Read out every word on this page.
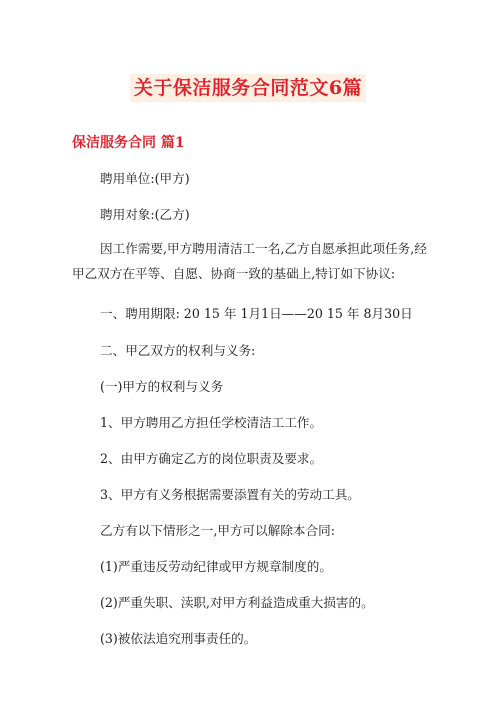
关于保洁服务合同范文6篇
保洁服务合同 篇1
聘用单位:(甲方)
聘用对象:(乙方)
因工作需要,甲方聘用清洁工一名,乙方自愿承担此项任务,经甲乙双方在平等、自愿、协商一致的基础上,特订如下协议:
一、聘用期限: 20 15 年 1月1日——20 15 年 8月30日
二、甲乙双方的权利与义务:
(一)甲方的权利与义务
1、甲方聘用乙方担任学校清洁工工作。
2、由甲方确定乙方的岗位职责及要求。
3、甲方有义务根据需要添置有关的劳动工具。
乙方有以下情形之一,甲方可以解除本合同:
(1)严重违反劳动纪律或甲方规章制度的。
(2)严重失职、渎职,对甲方利益造成重大损害的。
(3)被依法追究刑事责任的。
